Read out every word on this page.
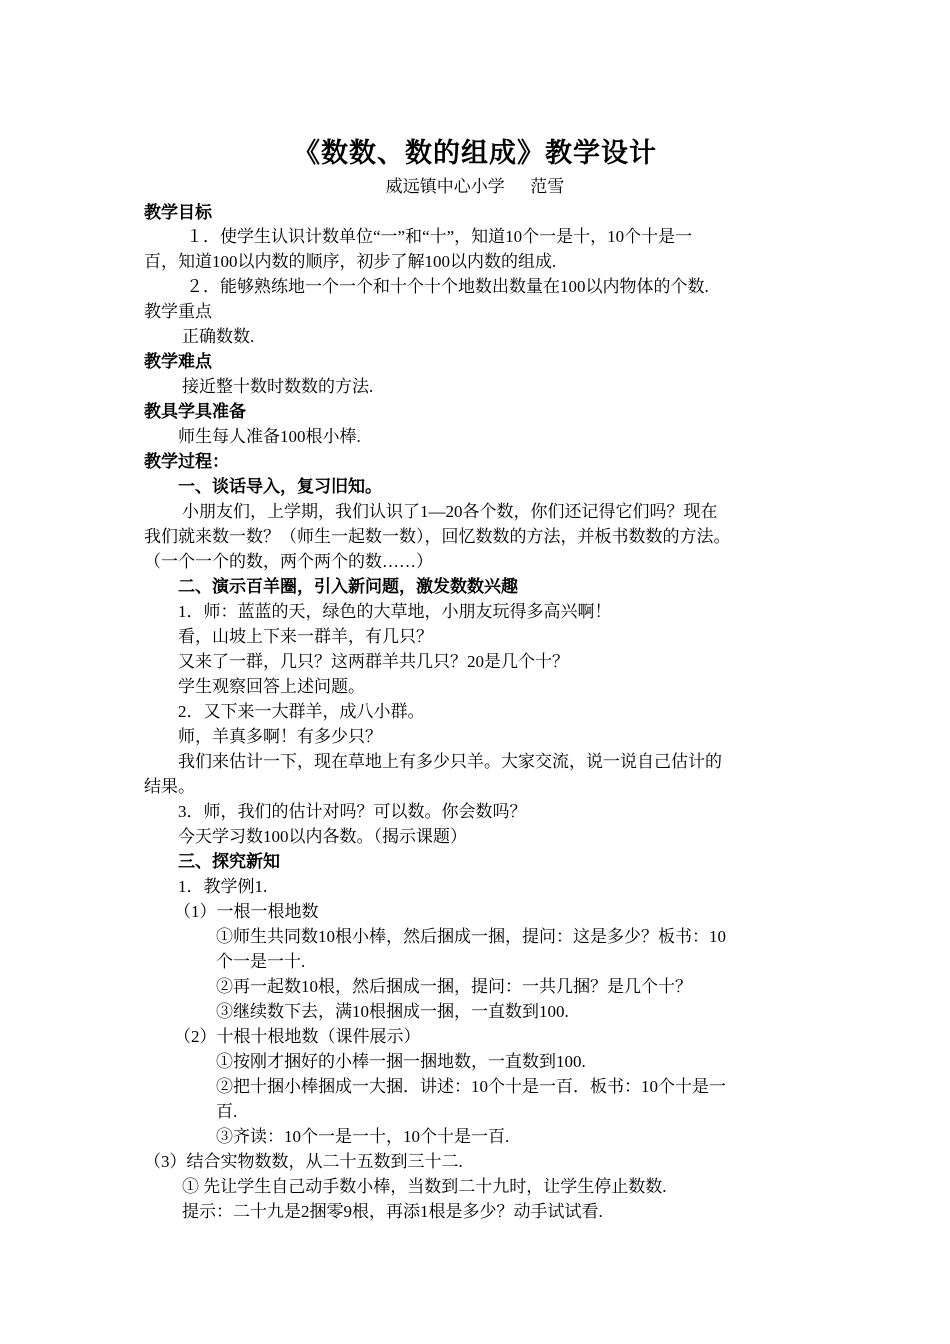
《数数、数的组成》教学设计
威远镇中心小学 范雪
教学目标
１．使学生认识计数单位“一”和“十”，知道10个一是十，10个十是一
百，知道100以内数的顺序，初步了解100以内数的组成.
２．能够熟练地一个一个和十个十个地数出数量在100以内物体的个数.
教学重点
正确数数.
教学难点
接近整十数时数数的方法.
教具学具准备
师生每人准备100根小棒.
教学过程：
一、谈话导入，复习旧知。
小朋友们，上学期，我们认识了1—20各个数，你们还记得它们吗？现在
我们就来数一数？（师生一起数一数），回忆数数的方法，并板书数数的方法。
（一个一个的数，两个两个的数……）
二、演示百羊圈，引入新问题，激发数数兴趣
1．师：蓝蓝的天，绿色的大草地，小朋友玩得多高兴啊！
看，山坡上下来一群羊，有几只？
又来了一群，几只？这两群羊共几只？20是几个十？
学生观察回答上述问题。
2．又下来一大群羊，成八小群。
师，羊真多啊！有多少只？
我们来估计一下，现在草地上有多少只羊。大家交流，说一说自己估计的
结果。
3．师，我们的估计对吗？可以数。你会数吗？
今天学习数100以内各数。（揭示课题）
三、探究新知
1．教学例1.
（1）一根一根地数
①师生共同数10根小棒，然后捆成一捆，提问：这是多少？板书：10
个一是一十.
②再一起数10根，然后捆成一捆，提问：一共几捆？是几个十？
③继续数下去，满10根捆成一捆，一直数到100.
（2）十根十根地数（课件展示）
①按刚才捆好的小棒一捆一捆地数，一直数到100.
②把十捆小棒捆成一大捆．讲述：10个十是一百．板书：10个十是一
百.
③齐读：10个一是一十，10个十是一百.
（3）结合实物数数，从二十五数到三十二.
① 先让学生自己动手数小棒，当数到二十九时，让学生停止数数.
提示：二十九是2捆零9根，再添1根是多少？动手试试看.
